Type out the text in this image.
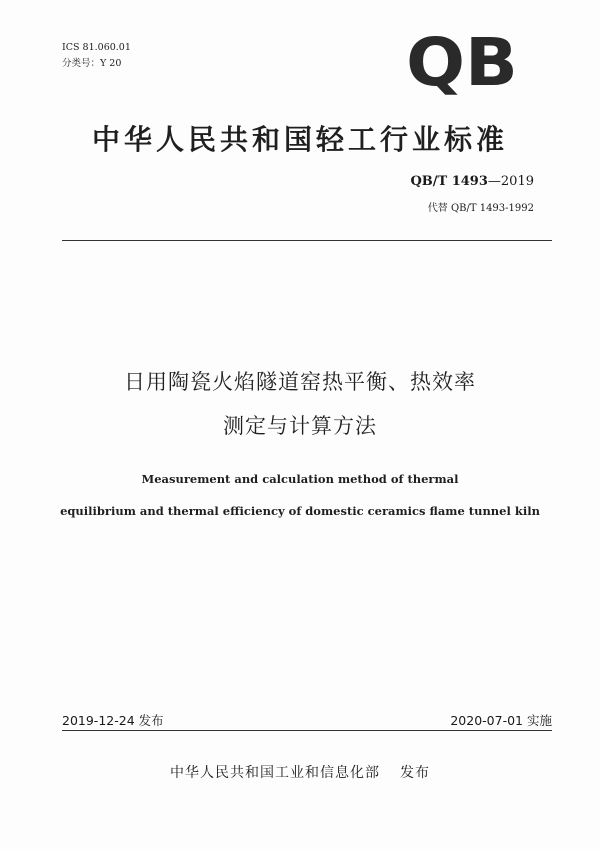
ICS 81.060.01
分类号：Y 20	QB
中华人民共和国轻工行业标准
QB/T 1493—2019
代替 QB/T 1493-1992
日用陶瓷火焰隧道窑热平衡、热效率
测定与计算方法
Measurement and calculation method of thermal
equilibrium and thermal efficiency of domestic ceramics flame tunnel kiln
2019-12-24 发布	2020-07-01 实施
中华人民共和国工业和信息化部 发布
